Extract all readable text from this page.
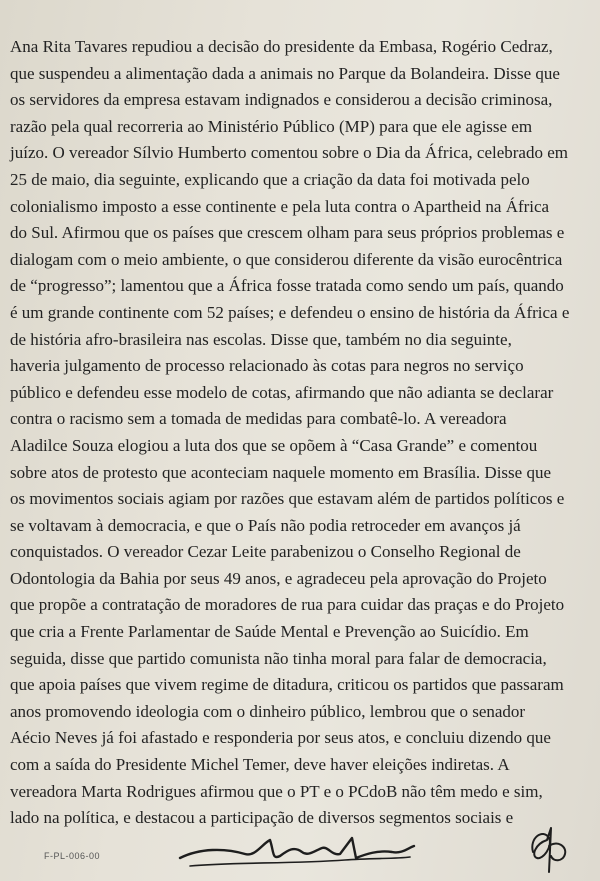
Ana Rita Tavares repudiou a decisão do presidente da Embasa, Rogério Cedraz,
que suspendeu a alimentação dada a animais no Parque da Bolandeira. Disse que
os servidores da empresa estavam indignados e considerou a decisão criminosa,
razão pela qual recorreria ao Ministério Público (MP) para que ele agisse em
juízo. O vereador Sílvio Humberto comentou sobre o Dia da África, celebrado em
25 de maio, dia seguinte, explicando que a criação da data foi motivada pelo
colonialismo imposto a esse continente e pela luta contra o Apartheid na África
do Sul. Afirmou que os países que crescem olham para seus próprios problemas e
dialogam com o meio ambiente, o que considerou diferente da visão eurocêntrica
de “progresso”; lamentou que a África fosse tratada como sendo um país, quando
é um grande continente com 52 países; e defendeu o ensino de história da África e
de história afro-brasileira nas escolas. Disse que, também no dia seguinte,
haveria julgamento de processo relacionado às cotas para negros no serviço
público e defendeu esse modelo de cotas, afirmando que não adianta se declarar
contra o racismo sem a tomada de medidas para combatê-lo. A vereadora
Aladilce Souza elogiou a luta dos que se opõem à “Casa Grande” e comentou
sobre atos de protesto que aconteciam naquele momento em Brasília. Disse que
os movimentos sociais agiam por razões que estavam além de partidos políticos e
se voltavam à democracia, e que o País não podia retroceder em avanços já
conquistados. O vereador Cezar Leite parabenizou o Conselho Regional de
Odontologia da Bahia por seus 49 anos, e agradeceu pela aprovação do Projeto
que propõe a contratação de moradores de rua para cuidar das praças e do Projeto
que cria a Frente Parlamentar de Saúde Mental e Prevenção ao Suicídio. Em
seguida, disse que partido comunista não tinha moral para falar de democracia,
que apoia países que vivem regime de ditadura, criticou os partidos que passaram
anos promovendo ideologia com o dinheiro público, lembrou que o senador
Aécio Neves já foi afastado e responderia por seus atos, e concluiu dizendo que
com a saída do Presidente Michel Temer, deve haver eleições indiretas. A
vereadora Marta Rodrigues afirmou que o PT e o PCdoB não têm medo e sim,
lado na política, e destacou a participação de diversos segmentos sociais e
F-PL-006-00
